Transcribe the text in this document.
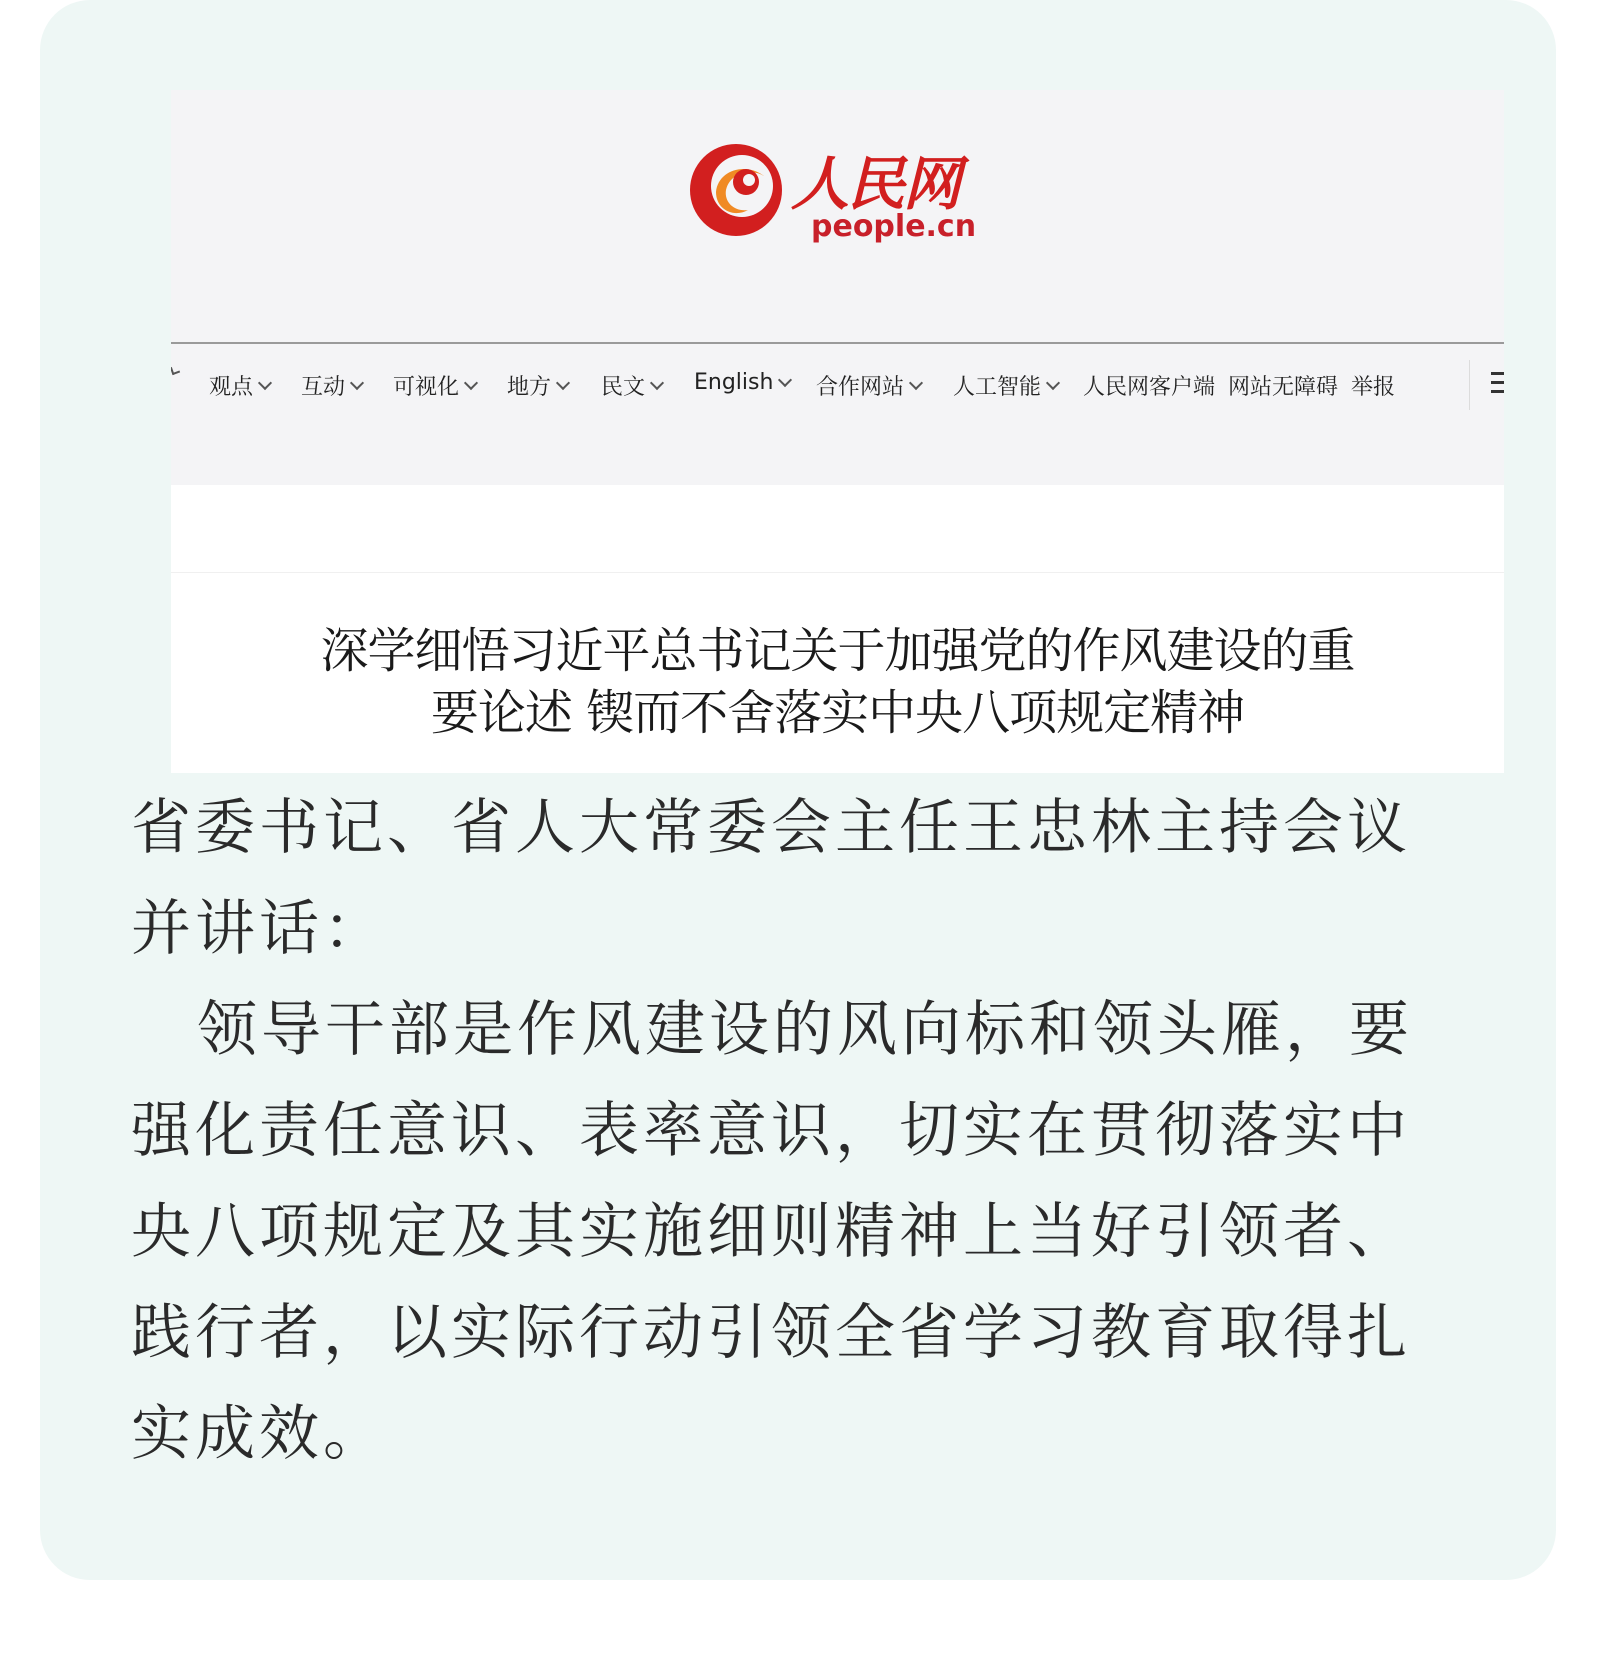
人民网
people.cn
观点 互动 可视化 地方 民文 English 合作网站 人工智能 人民网客户端 网站无障碍 举报
深学细悟习近平总书记关于加强党的作风建设的重
要论述 锲而不舍落实中央八项规定精神
省委书记、省人大常委会主任王忠林主持会议并讲话：
领导干部是作风建设的风向标和领头雁，要强化责任意识、表率意识，切实在贯彻落实中央八项规定及其实施细则精神上当好引领者、践行者，以实际行动引领全省学习教育取得扎实成效。
